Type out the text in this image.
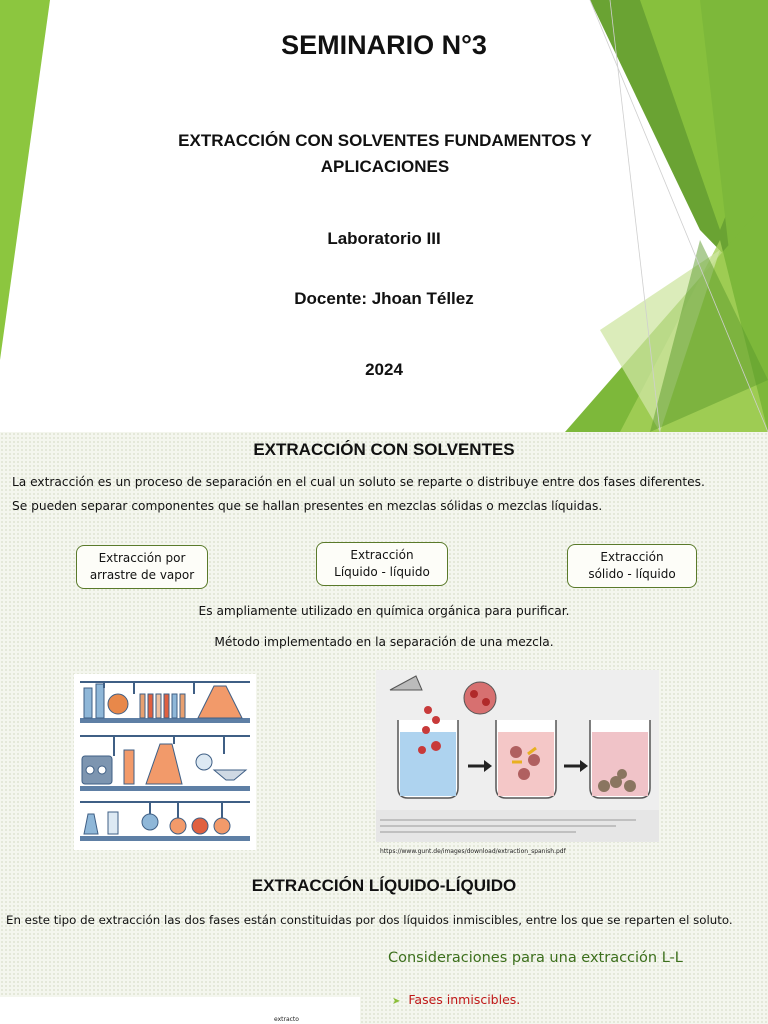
SEMINARIO N°3
EXTRACCIÓN CON SOLVENTES FUNDAMENTOS Y APLICACIONES
Laboratorio III
Docente: Jhoan Téllez
2024
EXTRACCIÓN CON SOLVENTES
La extracción es un proceso de separación en el cual un soluto se reparte o distribuye entre dos fases diferentes.
Se pueden separar componentes que se hallan presentes en mezclas sólidas o mezclas líquidas.
Extracción por
arrastre de vapor
Extracción
Líquido - líquido
Extracción
sólido - líquido
Es ampliamente utilizado en química orgánica para purificar.
Método implementado en la separación de una mezcla.
https://www.gunt.de/images/download/extraction_spanish.pdf
EXTRACCIÓN LÍQUIDO-LÍQUIDO
En este tipo de extracción las dos fases están constituidas por dos líquidos inmiscibles, entre los que se reparten el soluto.
Consideraciones para una extracción L-L
➤ Fases inmiscibles.
extracto
